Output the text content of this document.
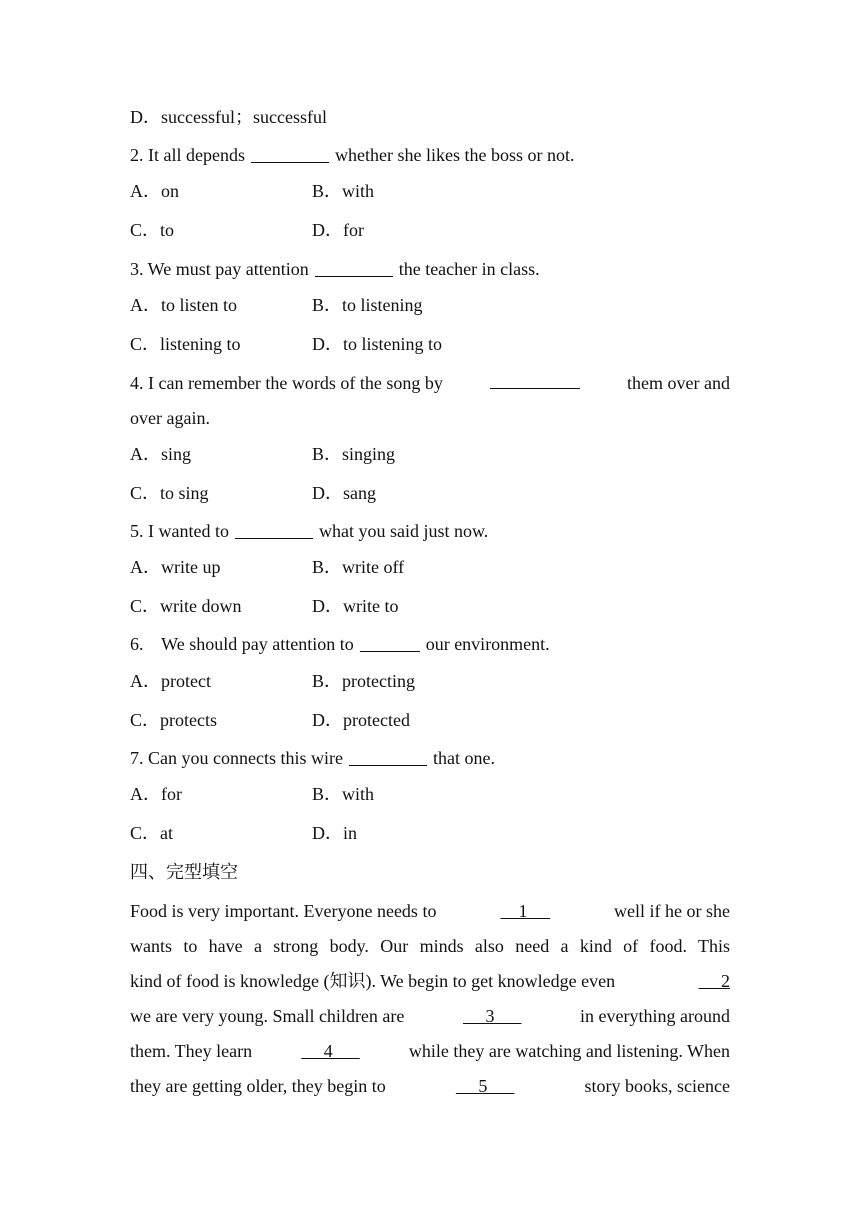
D．successful；successful
2. It all depends	whether she likes the boss or not.
A．on	B．with
C．to	D．for
3. We must pay attention	the teacher in class.
A．to listen to	B．to listening
C．listening to	D．to listening to
4. I can remember the words of the song by	them over and
over again.
A．sing	B．singing
C．to sing	D．sang
5. I wanted to	what you said just now.
A．write up	B．write off
C．write down	D．write to
6.    We should pay attention to	our environment.
A．protect	B．protecting
C．protects	D．protected
7. Can you connects this wire	that one.
A．for	B．with
C．at	D．in
四、完型填空
Food is very important. Everyone needs to	1	well if he or she
wants to have a strong body. Our minds also need a kind of food. This
kind of food is knowledge (知识). We begin to get knowledge even	2
we are very young. Small children are	3	in everything around
them. They learn	4	while they are watching and listening. When
they are getting older, they begin to	5	story books, science
